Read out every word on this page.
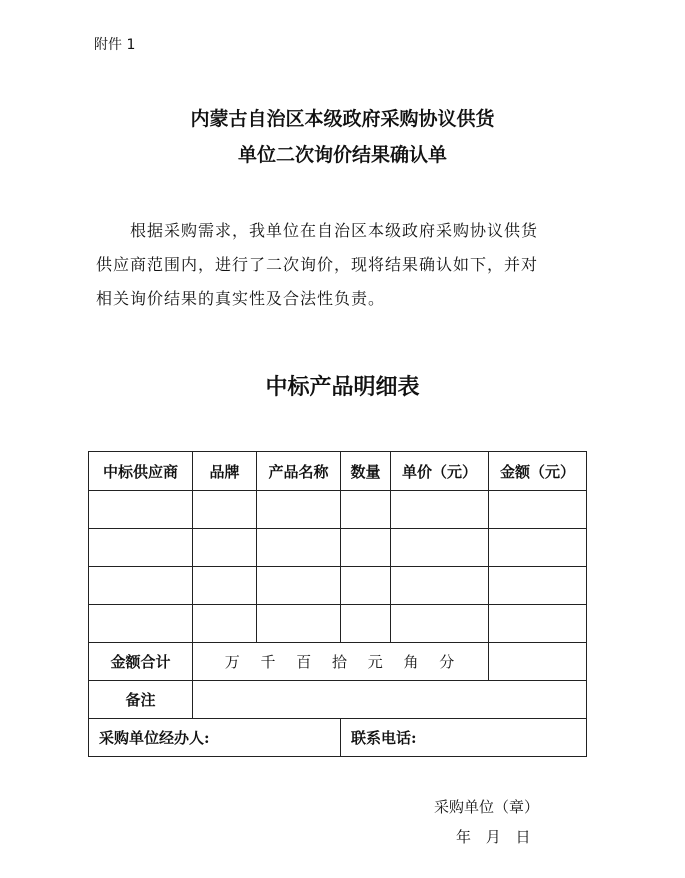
附件 1
内蒙古自治区本级政府采购协议供货
单位二次询价结果确认单
根据采购需求，我单位在自治区本级政府采购协议供货
供应商范围内，进行了二次询价，现将结果确认如下，并对
相关询价结果的真实性及合法性负责。
中标产品明细表
中标供应商	品牌	产品名称	数量	单价（元）	金额（元）

金额合计	万 千 百 拾 元 角 分				
备注					
采购单位经办人:			联系电话:		
采购单位（章）
年 月 日
